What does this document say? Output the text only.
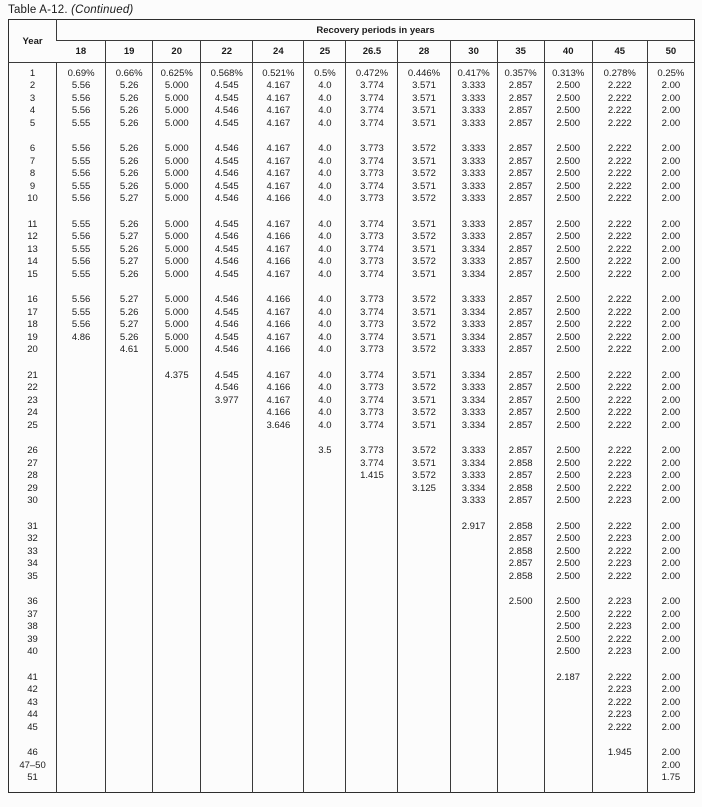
Table A-12. (Continued)
Year	Recovery periods in years												
	18	19	20	22	24	25	26.5	28	30	35	40	45	50

1	0.69%	0.66%	0.625%	0.568%	0.521%	0.5%	0.472%	0.446%	0.417%	0.357%	0.313%	0.278%	0.25%
2	5.56	5.26	5.000	4.545	4.167	4.0	3.774	3.571	3.333	2.857	2.500	2.222	2.00
3	5.56	5.26	5.000	4.545	4.167	4.0	3.774	3.571	3.333	2.857	2.500	2.222	2.00
4	5.56	5.26	5.000	4.546	4.167	4.0	3.774	3.571	3.333	2.857	2.500	2.222	2.00
5	5.55	5.26	5.000	4.545	4.167	4.0	3.774	3.571	3.333	2.857	2.500	2.222	2.00

6	5.56	5.26	5.000	4.546	4.167	4.0	3.773	3.572	3.333	2.857	2.500	2.222	2.00
7	5.55	5.26	5.000	4.545	4.167	4.0	3.774	3.571	3.333	2.857	2.500	2.222	2.00
8	5.56	5.26	5.000	4.546	4.167	4.0	3.773	3.572	3.333	2.857	2.500	2.222	2.00
9	5.55	5.26	5.000	4.545	4.167	4.0	3.774	3.571	3.333	2.857	2.500	2.222	2.00
10	5.56	5.27	5.000	4.546	4.166	4.0	3.773	3.572	3.333	2.857	2.500	2.222	2.00

11	5.55	5.26	5.000	4.545	4.167	4.0	3.774	3.571	3.333	2.857	2.500	2.222	2.00
12	5.56	5.27	5.000	4.546	4.166	4.0	3.773	3.572	3.333	2.857	2.500	2.222	2.00
13	5.55	5.26	5.000	4.545	4.167	4.0	3.774	3.571	3.334	2.857	2.500	2.222	2.00
14	5.56	5.27	5.000	4.546	4.166	4.0	3.773	3.572	3.333	2.857	2.500	2.222	2.00
15	5.55	5.26	5.000	4.545	4.167	4.0	3.774	3.571	3.334	2.857	2.500	2.222	2.00

16	5.56	5.27	5.000	4.546	4.166	4.0	3.773	3.572	3.333	2.857	2.500	2.222	2.00
17	5.55	5.26	5.000	4.545	4.167	4.0	3.774	3.571	3.334	2.857	2.500	2.222	2.00
18	5.56	5.27	5.000	4.546	4.166	4.0	3.773	3.572	3.333	2.857	2.500	2.222	2.00
19	4.86	5.26	5.000	4.545	4.167	4.0	3.774	3.571	3.334	2.857	2.500	2.222	2.00
20		4.61	5.000	4.546	4.166	4.0	3.773	3.572	3.333	2.857	2.500	2.222	2.00

21			4.375	4.545	4.167	4.0	3.774	3.571	3.334	2.857	2.500	2.222	2.00
22				4.546	4.166	4.0	3.773	3.572	3.333	2.857	2.500	2.222	2.00
23				3.977	4.167	4.0	3.774	3.571	3.334	2.857	2.500	2.222	2.00
24					4.166	4.0	3.773	3.572	3.333	2.857	2.500	2.222	2.00
25					3.646	4.0	3.774	3.571	3.334	2.857	2.500	2.222	2.00

26						3.5	3.773	3.572	3.333	2.857	2.500	2.222	2.00
27							3.774	3.571	3.334	2.858	2.500	2.222	2.00
28							1.415	3.572	3.333	2.857	2.500	2.223	2.00
29								3.125	3.334	2.858	2.500	2.222	2.00
30									3.333	2.857	2.500	2.223	2.00

31									2.917	2.858	2.500	2.222	2.00
32										2.857	2.500	2.223	2.00
33										2.858	2.500	2.222	2.00
34										2.857	2.500	2.223	2.00
35										2.858	2.500	2.222	2.00

36										2.500	2.500	2.223	2.00
37											2.500	2.222	2.00
38											2.500	2.223	2.00
39											2.500	2.222	2.00
40											2.500	2.223	2.00

41											2.187	2.222	2.00
42												2.223	2.00
43												2.222	2.00
44												2.223	2.00
45												2.222	2.00

46												1.945	2.00
47–50													2.00
51													1.75
